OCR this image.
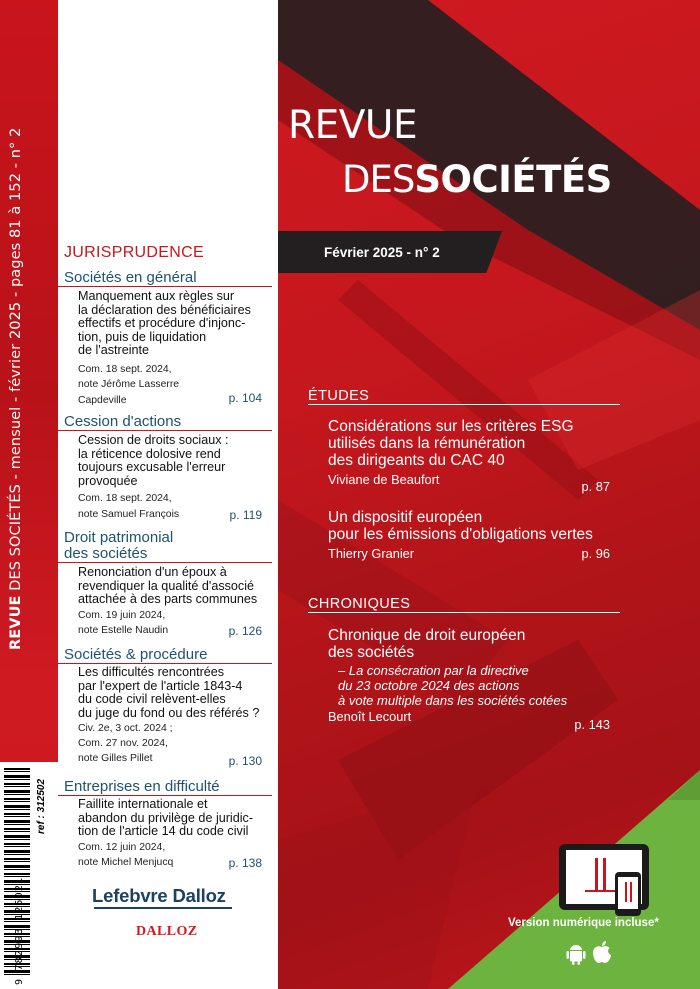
REVUE DES SOCIÉTÉS - mensuel - février 2025 - pages 81 à 152 - n° 2
9 782993 125021
ref : 312502
JURISPRUDENCE
Sociétés en général
Manquement aux règles sur
la déclaration des bénéficiaires
effectifs et procédure d'injonc-
tion, puis de liquidation
de l'astreinte
Com. 18 sept. 2024,
note Jérôme Lasserre
Capdeville	p. 104
Cession d'actions
Cession de droits sociaux :
la réticence dolosive rend
toujours excusable l'erreur
provoquée
Com. 18 sept. 2024,
note Samuel François	p. 119
Droit patrimonial
des sociétés
Renonciation d'un époux à
revendiquer la qualité d'associé
attachée à des parts communes
Com. 19 juin 2024,
note Estelle Naudin	p. 126
Sociétés & procédure
Les difficultés rencontrées
par l'expert de l'article 1843-4
du code civil relèvent-elles
du juge du fond ou des référés ?
Civ. 2e, 3 oct. 2024 ;
Com. 27 nov. 2024,
note Gilles Pillet	p. 130
Entreprises en difficulté
Faillite internationale et
abandon du privilège de juridic-
tion de l'article 14 du code civil
Com. 12 juin 2024,
note Michel Menjucq	p. 138
Lefebvre Dalloz
DALLOZ
REVUE
DESSOCIÉTÉS
Février 2025 - n° 2
ÉTUDES
Considérations sur les critères ESG
utilisés dans la rémunération
des dirigeants du CAC 40
Viviane de Beaufort	p. 87
Un dispositif européen
pour les émissions d'obligations vertes
Thierry Granier	p. 96
CHRONIQUES
Chronique de droit européen
des sociétés
– La consécration par la directive
du 23 octobre 2024 des actions
à vote multiple dans les sociétés cotées
Benoît Lecourt
p. 143
Version numérique incluse*
